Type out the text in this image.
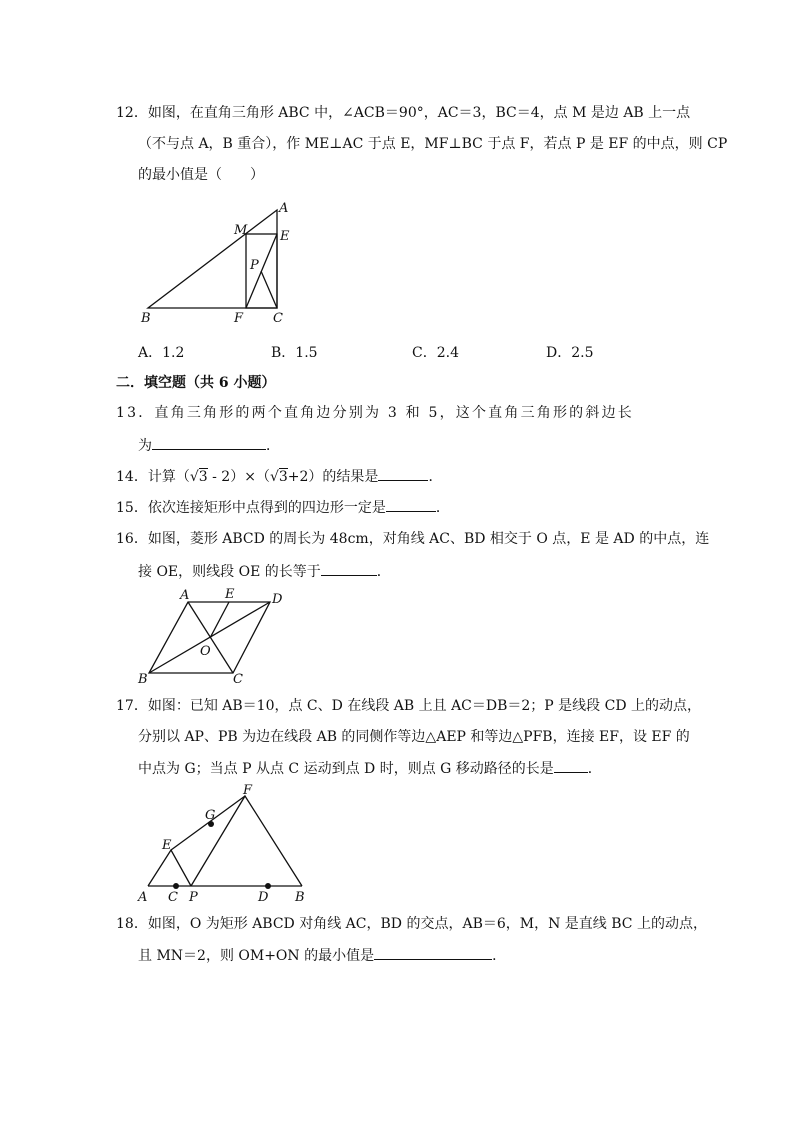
12．如图，在直角三角形 ABC 中，∠ACB＝90°，AC＝3，BC＝4，点 M 是边 AB 上一点
（不与点 A，B 重合），作 ME⊥AC 于点 E，MF⊥BC 于点 F，若点 P 是 EF 的中点，则 CP
的最小值是（　　）
A
M	E
P
B	F C
A．1.2	B．1.5	C．2.4	D．2.5
二．填空题（共 6 小题）
13．直角三角形的两个直角边分别为 3 和 5，这个直角三角形的斜边长
为	．
14．计算（√3 - 2）×（√3+2）的结果是	．
15．依次连接矩形中点得到的四边形一定是	．
16．如图，菱形 ABCD 的周长为 48cm，对角线 AC、BD 相交于 O 点，E 是 AD 的中点，连
接 OE，则线段 OE 的长等于	．
A	E	D
O
B	C
17．如图：已知 AB＝10，点 C、D 在线段 AB 上且 AC＝DB＝2；P 是线段 CD 上的动点，
分别以 AP、PB 为边在线段 AB 的同侧作等边△AEP 和等边△PFB，连接 EF，设 EF 的
中点为 G；当点 P 从点 C 运动到点 D 时，则点 G 移动路径的长是 ．
F
G
E
A C P	D B
18．如图，O 为矩形 ABCD 对角线 AC，BD 的交点，AB＝6，M，N 是直线 BC 上的动点，
且 MN＝2，则 OM+ON 的最小值是	．
